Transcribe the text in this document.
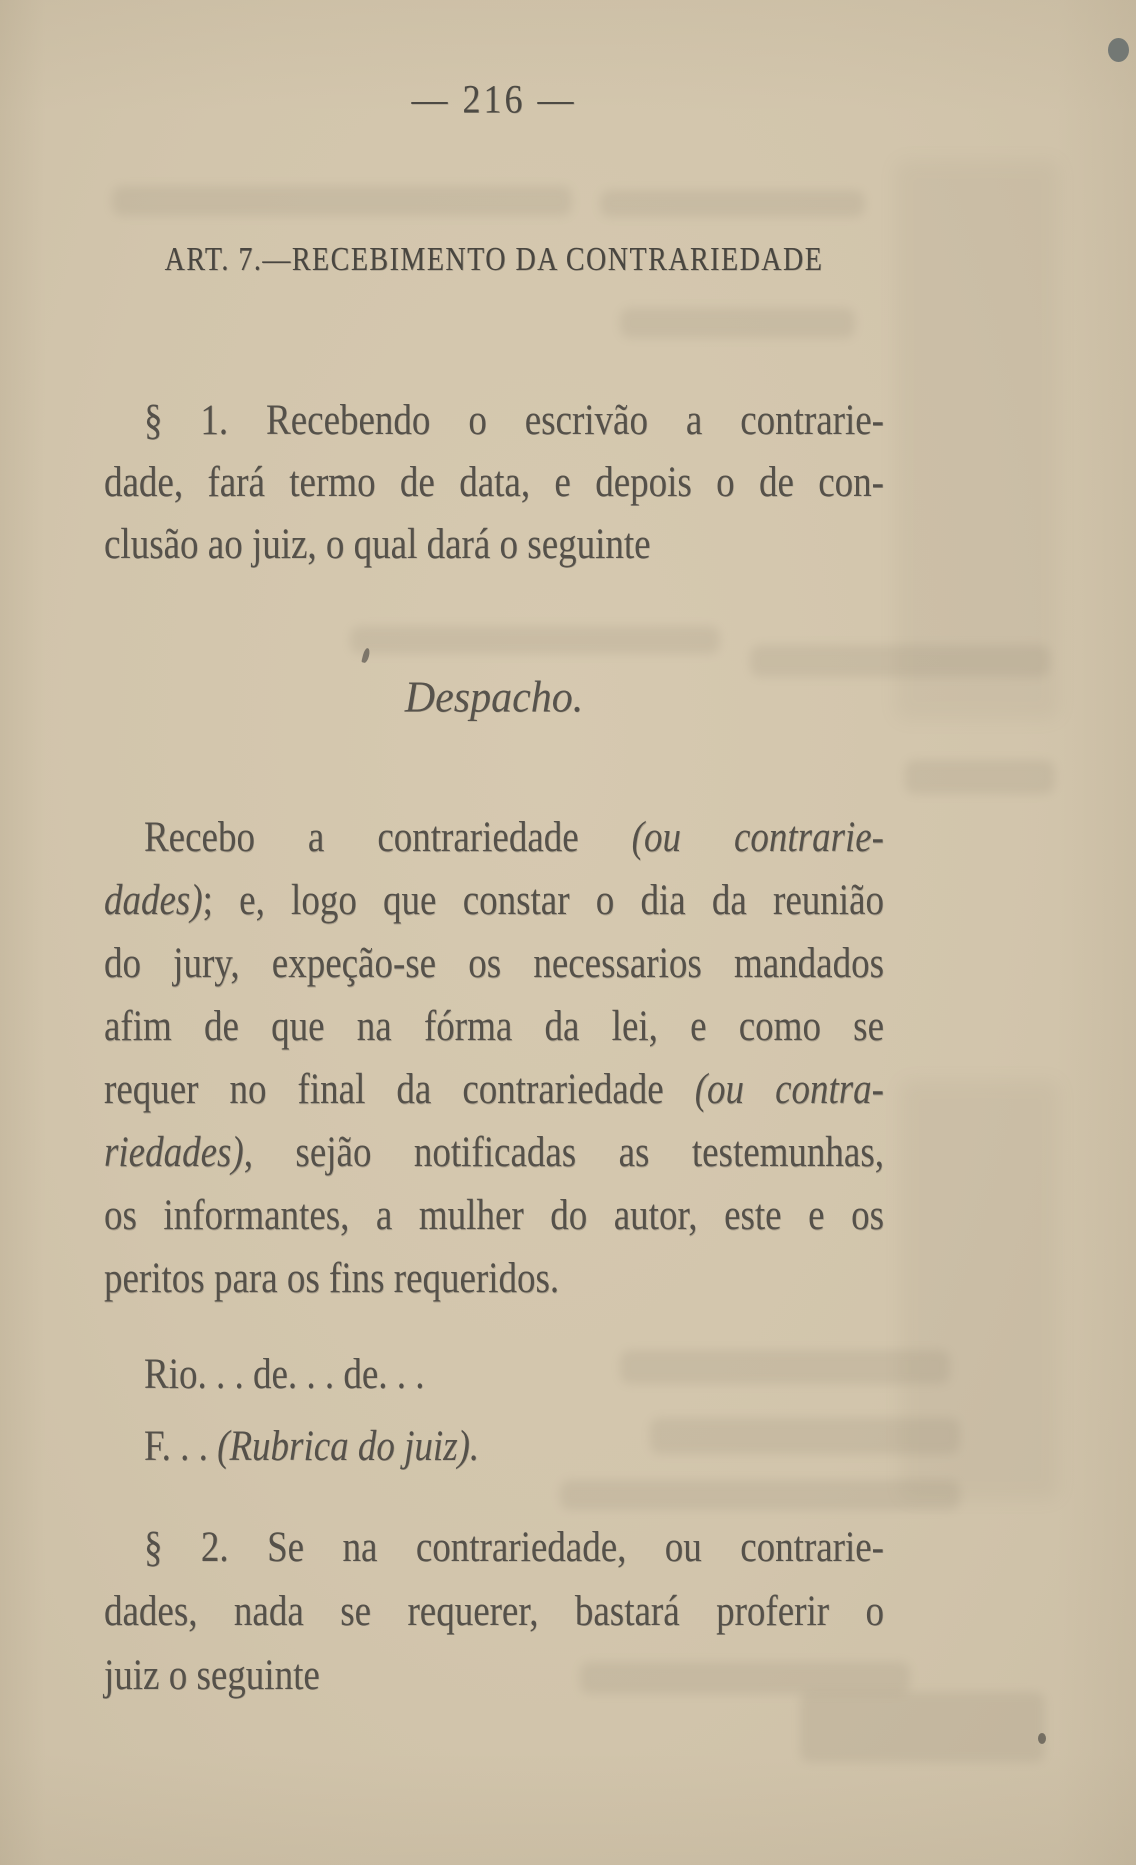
— 216 —
ART. 7.—RECEBIMENTO DA CONTRARIEDADE
§ 1. Recebendo o escrivão a contrarie-
dade, fará termo de data, e depois o de con-
clusão ao juiz, o qual dará o seguinte
Despacho.
Recebo a contrariedade (ou contrarie-
dades); e, logo que constar o dia da reunião
do jury, expeção-se os necessarios mandados
afim de que na fórma da lei, e como se
requer no final da contrariedade (ou contra-
riedades), sejão notificadas as testemunhas,
os informantes, a mulher do autor, este e os
peritos para os fins requeridos.
Rio. . . de. . . de. . .
F. . . (Rubrica do juiz).
§ 2. Se na contrariedade, ou contrarie-
dades, nada se requerer, bastará proferir o
juiz o seguinte
